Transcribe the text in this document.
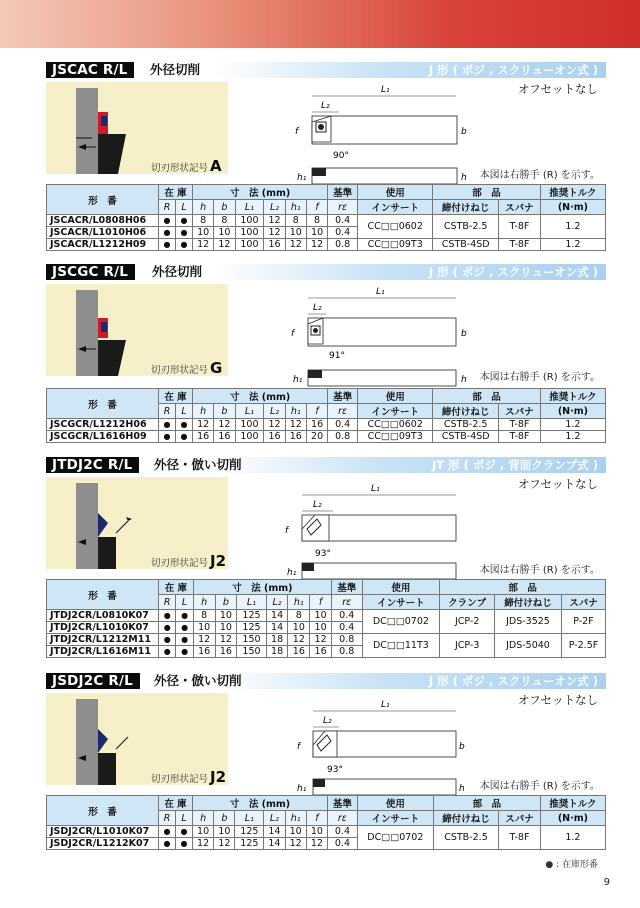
JSCAC R/L	外径切削	J 形 ( ポジ , スクリューオン式 )
オフセットなし
切刃形状記号 A
L₁
L₂
f	b
90°
h₁	h 本図は右勝手 (R) を示す。
形　番	在 庫		寸　法 (mm)						基準	使用	部　品		推奨トルク
	R	L	h	b	L₁	L₂	h₁	f	rε	インサート	締付けねじ	スパナ	(N·m)
JSCACR/L0808H06	●	●	8	8	100	12	8	8	0.4	CC□□0602	CSTB-2.5	T-8F	1.2
JSCACR/L1010H06	●	●	10	10	100	12	10	10	0.4				
JSCACR/L1212H09	●	●	12	12	100	16	12	12	0.8	CC□□09T3	CSTB-4SD	T-8F	1.2
JSCGC R/L	外径切削	J 形 ( ポジ , スクリューオン式 )
切刃形状記号 G
L₁
L₂
f	b
91°
h₁	h 本図は右勝手 (R) を示す。
形　番	在 庫		寸　法 (mm)						基準	使用	部　品		推奨トルク
	R	L	h	b	L₁	L₂	h₁	f	rε	インサート	締付けねじ	スパナ	(N·m)
JSCGCR/L1212H06	●	●	12	12	100	12	12	16	0.4	CC□□0602	CSTB-2.5	T-8F	1.2
JSCGCR/L1616H09	●	●	16	16	100	16	16	20	0.8	CC□□09T3	CSTB-4SD	T-8F	1.2
JTDJ2C R/L	外径・倣い切削	JT 形 ( ポジ , 背面クランプ式 )
オフセットなし
切刃形状記号 J2
L₁
L₂
f
93°
h₁	本図は右勝手 (R) を示す。
形　番	在 庫		寸　法 (mm)						基準	使用	部　品		
	R	L	h	b	L₁	L₂	h₁	f	rε	インサート	クランプ	締付けねじ	スパナ
JTDJ2CR/L0810K07	●	●	8	10	125	14	8	10	0.4	DC□□0702	JCP-2	JDS-3525	P-2F
JTDJ2CR/L1010K07	●	●	10	10	125	14	10	10	0.4				
JTDJ2CR/L1212M11	●	●	12	12	150	18	12	12	0.8	DC□□11T3	JCP-3	JDS-5040	P-2.5F
JTDJ2CR/L1616M11	●	●	16	16	150	18	16	16	0.8				
JSDJ2C R/L	外径・倣い切削	J 形 ( ポジ , スクリューオン式 )
オフセットなし
切刃形状記号 J2
L₁
L₂
f	b
93°
h₁	h 本図は右勝手 (R) を示す。
形　番	在 庫		寸　法 (mm)						基準	使用	部　品		推奨トルク
	R	L	h	b	L₁	L₂	h₁	f	rε	インサート	締付けねじ	スパナ	(N·m)
JSDJ2CR/L1010K07	●	●	10	10	125	14	10	10	0.4	DC□□0702	CSTB-2.5	T-8F	1.2
JSDJ2CR/L1212K07	●	●	12	12	125	14	12	12	0.4				
● : 在庫形番
9
